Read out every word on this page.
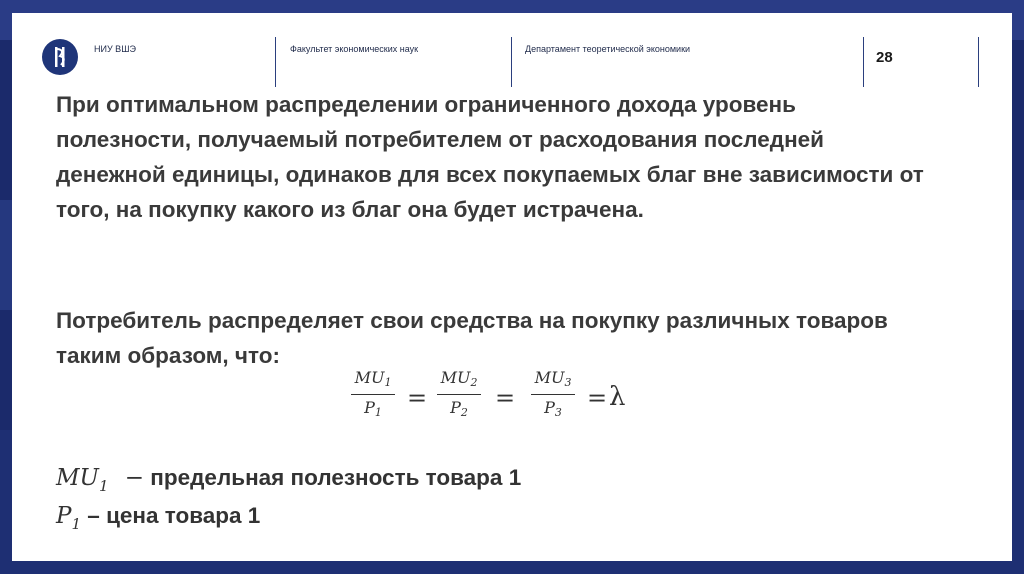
НИУ ВШЭ	Факультет экономических наук	Департамент теоретической экономики	28
При оптимальном распределении ограниченного дохода уровень полезности, получаемый потребителем от расходования последней денежной единицы, одинаков для всех покупаемых благ вне зависимости от того, на покупку какого из благ она будет истрачена.
Потребитель распределяет свои средства на покупку различных товаров таким образом, что:
MU1
P1
=
MU2
P2
=
MU3
P3
= λ
$MU_1$ − предельная полезность товара 1
$P_1$ – цена товара 1
